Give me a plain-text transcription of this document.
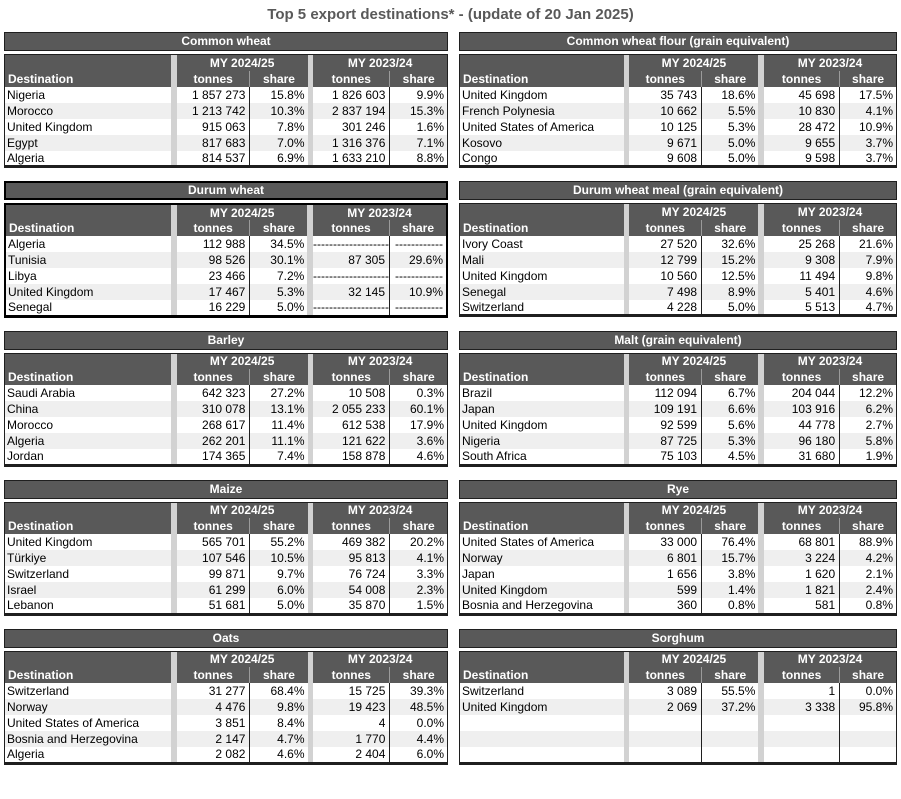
Top 5 export destinations* - (update of 20 Jan 2025)
Common wheat
Destination		MY 2024/25			MY 2023/24	
		tonnes	share		tonnes	share
Nigeria		1 857 273	15.8%		1 826 603	9.9%
Morocco		1 213 742	10.3%		2 837 194	15.3%
United Kingdom		915 063	7.8%		301 246	1.6%
Egypt		817 683	7.0%		1 316 376	7.1%
Algeria		814 537	6.9%		1 633 210	8.8%
Common wheat flour (grain equivalent)
Destination		MY 2024/25			MY 2023/24	
		tonnes	share		tonnes	share
United Kingdom		35 743	18.6%		45 698	17.5%
French Polynesia		10 662	5.5%		10 830	4.1%
United States of America		10 125	5.3%		28 472	10.9%
Kosovo		9 671	5.0%		9 655	3.7%
Congo		9 608	5.0%		9 598	3.7%
Durum wheat
Destination		MY 2024/25			MY 2023/24	
		tonnes	share		tonnes	share
Algeria		112 988	34.5%		-------------------	------------
Tunisia		98 526	30.1%		87 305	29.6%
Libya		23 466	7.2%		-------------------	------------
United Kingdom		17 467	5.3%		32 145	10.9%
Senegal		16 229	5.0%		-------------------	------------
Durum wheat meal (grain equivalent)
Destination		MY 2024/25			MY 2023/24	
		tonnes	share		tonnes	share
Ivory Coast		27 520	32.6%		25 268	21.6%
Mali		12 799	15.2%		9 308	7.9%
United Kingdom		10 560	12.5%		11 494	9.8%
Senegal		7 498	8.9%		5 401	4.6%
Switzerland		4 228	5.0%		5 513	4.7%
Barley
Destination		MY 2024/25			MY 2023/24	
		tonnes	share		tonnes	share
Saudi Arabia		642 323	27.2%		10 508	0.3%
China		310 078	13.1%		2 055 233	60.1%
Morocco		268 617	11.4%		612 538	17.9%
Algeria		262 201	11.1%		121 622	3.6%
Jordan		174 365	7.4%		158 878	4.6%
Malt (grain equivalent)
Destination		MY 2024/25			MY 2023/24	
		tonnes	share		tonnes	share
Brazil		112 094	6.7%		204 044	12.2%
Japan		109 191	6.6%		103 916	6.2%
United Kingdom		92 599	5.6%		44 778	2.7%
Nigeria		87 725	5.3%		96 180	5.8%
South Africa		75 103	4.5%		31 680	1.9%
Maize
Destination		MY 2024/25			MY 2023/24	
		tonnes	share		tonnes	share
United Kingdom		565 701	55.2%		469 382	20.2%
Türkiye		107 546	10.5%		95 813	4.1%
Switzerland		99 871	9.7%		76 724	3.3%
Israel		61 299	6.0%		54 008	2.3%
Lebanon		51 681	5.0%		35 870	1.5%
Rye
Destination		MY 2024/25			MY 2023/24	
		tonnes	share		tonnes	share
United States of America		33 000	76.4%		68 801	88.9%
Norway		6 801	15.7%		3 224	4.2%
Japan		1 656	3.8%		1 620	2.1%
United Kingdom		599	1.4%		1 821	2.4%
Bosnia and Herzegovina		360	0.8%		581	0.8%
Oats
Destination		MY 2024/25			MY 2023/24	
		tonnes	share		tonnes	share
Switzerland		31 277	68.4%		15 725	39.3%
Norway		4 476	9.8%		19 423	48.5%
United States of America		3 851	8.4%		4	0.0%
Bosnia and Herzegovina		2 147	4.7%		1 770	4.4%
Algeria		2 082	4.6%		2 404	6.0%
Sorghum
Destination		MY 2024/25			MY 2023/24	
		tonnes	share		tonnes	share
Switzerland		3 089	55.5%		1	0.0%
United Kingdom		2 069	37.2%		3 338	95.8%
